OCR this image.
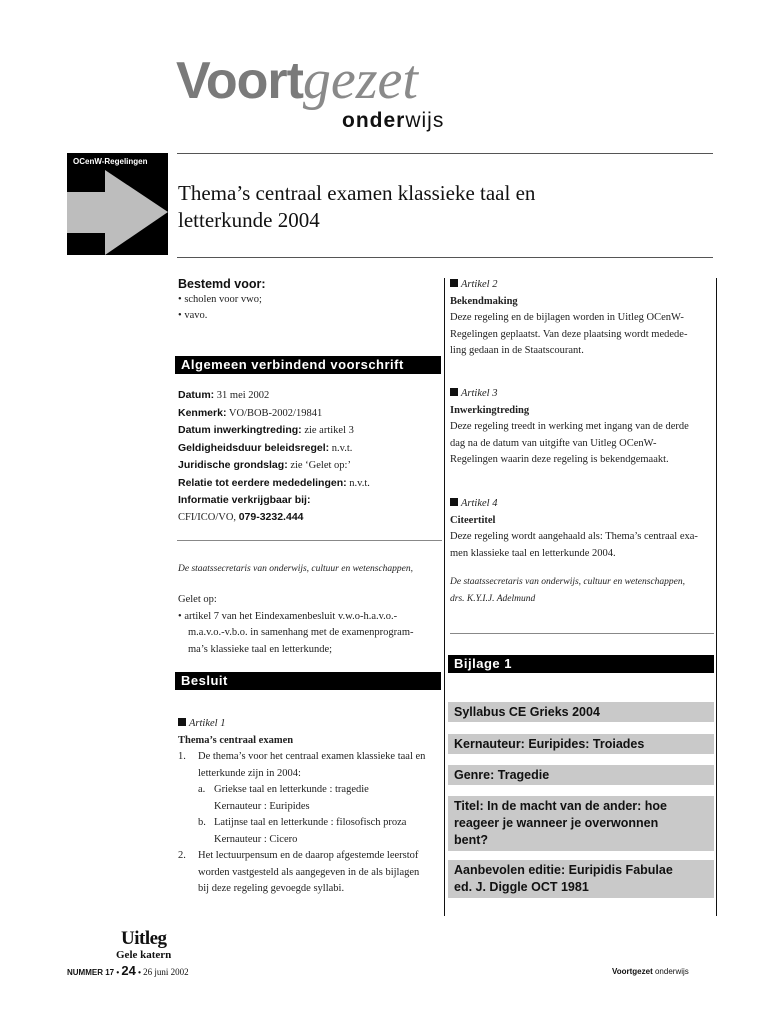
Voortgezet
onderwijs
OCenW-Regelingen
Thema’s centraal examen klassieke taal en
letterkunde 2004
Bestemd voor:
• scholen voor vwo;
• vavo.
Algemeen verbindend voorschrift
Datum: 31 mei 2002
Kenmerk: VO/BOB-2002/19841
Datum inwerkingtreding: zie artikel 3
Geldigheidsduur beleidsregel: n.v.t.
Juridische grondslag: zie ‘Gelet op:’
Relatie tot eerdere mededelingen: n.v.t.
Informatie verkrijgbaar bij:
CFI/ICO/VO, 079-3232.444
De staatssecretaris van onderwijs, cultuur en wetenschappen,
Gelet op:
• artikel 7 van het Eindexamenbesluit v.w.o-h.a.v.o.-
m.a.v.o.-v.b.o. in samenhang met de examenprogram-
ma’s klassieke taal en letterkunde;
Besluit
Artikel 1
Thema’s centraal examen
1. De thema’s voor het centraal examen klassieke taal en
letterkunde zijn in 2004:
a. Griekse taal en letterkunde : tragedie
Kernauteur : Euripides
b. Latijnse taal en letterkunde : filosofisch proza
Kernauteur : Cicero
2. Het lectuurpensum en de daarop afgestemde leerstof
worden vastgesteld als aangegeven in de als bijlagen
bij deze regeling gevoegde syllabi.
Artikel 2
Bekendmaking
Deze regeling en de bijlagen worden in Uitleg OCenW-
Regelingen geplaatst. Van deze plaatsing wordt medede-
ling gedaan in de Staatscourant.
Artikel 3
Inwerkingtreding
Deze regeling treedt in werking met ingang van de derde
dag na de datum van uitgifte van Uitleg OCenW-
Regelingen waarin deze regeling is bekendgemaakt.
Artikel 4
Citeertitel
Deze regeling wordt aangehaald als: Thema’s centraal exa-
men klassieke taal en letterkunde 2004.
De staatssecretaris van onderwijs, cultuur en wetenschappen,
drs. K.Y.I.J. Adelmund
Bijlage 1
Syllabus CE Grieks 2004
Kernauteur: Euripides: Troiades
Genre: Tragedie
Titel: In de macht van de ander: hoe
reageer je wanneer je overwonnen
bent?
Aanbevolen editie: Euripidis Fabulae
ed. J. Diggle OCT 1981
Uitleg
Gele katern
NUMMER 17 • 24 • 26 juni 2002	Voortgezet onderwijs
